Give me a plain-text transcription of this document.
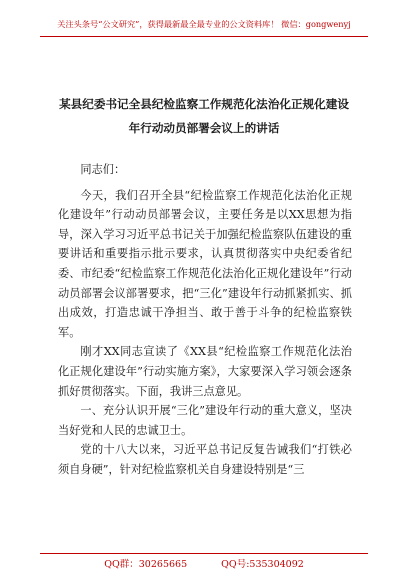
关注头条号“公文研究”，获得最新最全最专业的公文资料库！ 微信：gongwenyj
某县纪委书记全县纪检监察工作规范化法治化正规化建设
年行动动员部署会议上的讲话

同志们：

今天，我们召开全县“纪检监察工作规范化法治化正规化建设年”行动动员部署会议，主要任务是以XX思想为指导，深入学习习近平总书记关于加强纪检监察队伍建设的重要讲话和重要指示批示要求，认真贯彻落实中央纪委省纪委、市纪委“纪检监察工作规范化法治化正规化建设年”行动动员部署会议部署要求，把“三化”建设年行动抓紧抓实、抓出成效，打造忠诚干净担当、敢于善于斗争的纪检监察铁军。

刚才XX同志宣读了《XX县“纪检监察工作规范化法治化正规化建设年”行动实施方案》，大家要深入学习领会逐条抓好贯彻落实。下面，我讲三点意见。

一、充分认识开展“三化”建设年行动的重大意义，坚决当好党和人民的忠诚卫士。

党的十八大以来，习近平总书记反复告诫我们“打铁必须自身硬”，针对纪检监察机关自身建设特别是“三

QQ群：30265665	QQ号:535304092
